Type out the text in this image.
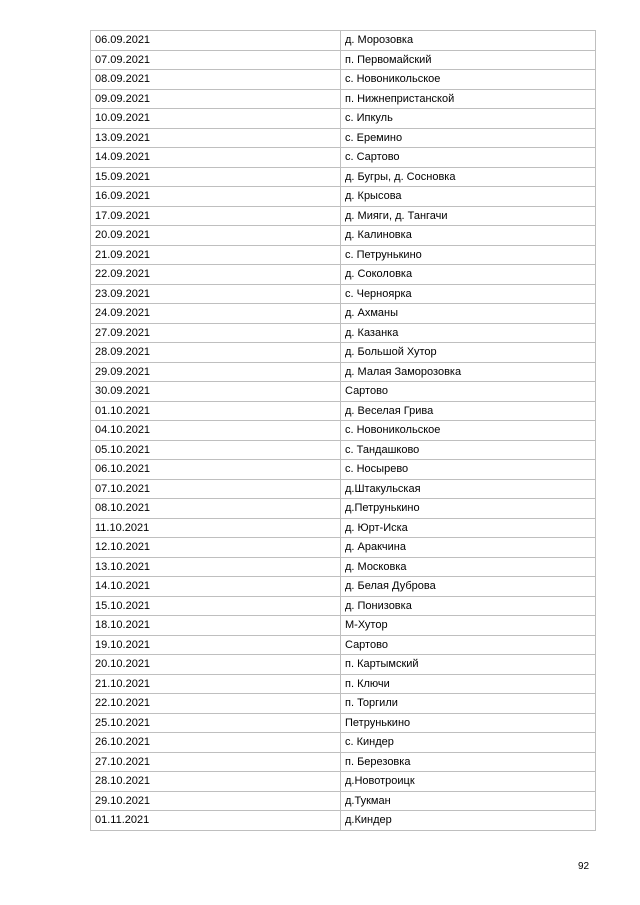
06.09.2021	д. Морозовка
07.09.2021	п. Первомайский
08.09.2021	с. Новоникольское
09.09.2021	п. Нижнепристанской
10.09.2021	с. Ипкуль
13.09.2021	с. Еремино
14.09.2021	с. Сартово
15.09.2021	д. Бугры, д. Сосновка
16.09.2021	д. Крысова
17.09.2021	д. Мияги, д. Тангачи
20.09.2021	д. Калиновка
21.09.2021	с. Петрунькино
22.09.2021	д. Соколовка
23.09.2021	с. Черноярка
24.09.2021	д. Ахманы
27.09.2021	д. Казанка
28.09.2021	д. Большой Хутор
29.09.2021	д. Малая Заморозовка
30.09.2021	Сартово
01.10.2021	д. Веселая Грива
04.10.2021	с. Новоникольское
05.10.2021	с. Тандашково
06.10.2021	с. Носырево
07.10.2021	д.Штакульская
08.10.2021	д.Петрунькино
11.10.2021	д. Юрт-Иска
12.10.2021	д. Аракчина
13.10.2021	д. Московка
14.10.2021	д. Белая Дуброва
15.10.2021	д. Понизовка
18.10.2021	М-Хутор
19.10.2021	Сартово
20.10.2021	п. Картымский
21.10.2021	п. Ключи
22.10.2021	п. Торгили
25.10.2021	Петрунькино
26.10.2021	с. Киндер
27.10.2021	п. Березовка
28.10.2021	д.Новотроицк
29.10.2021	д.Тукман
01.11.2021	д.Киндер
92
